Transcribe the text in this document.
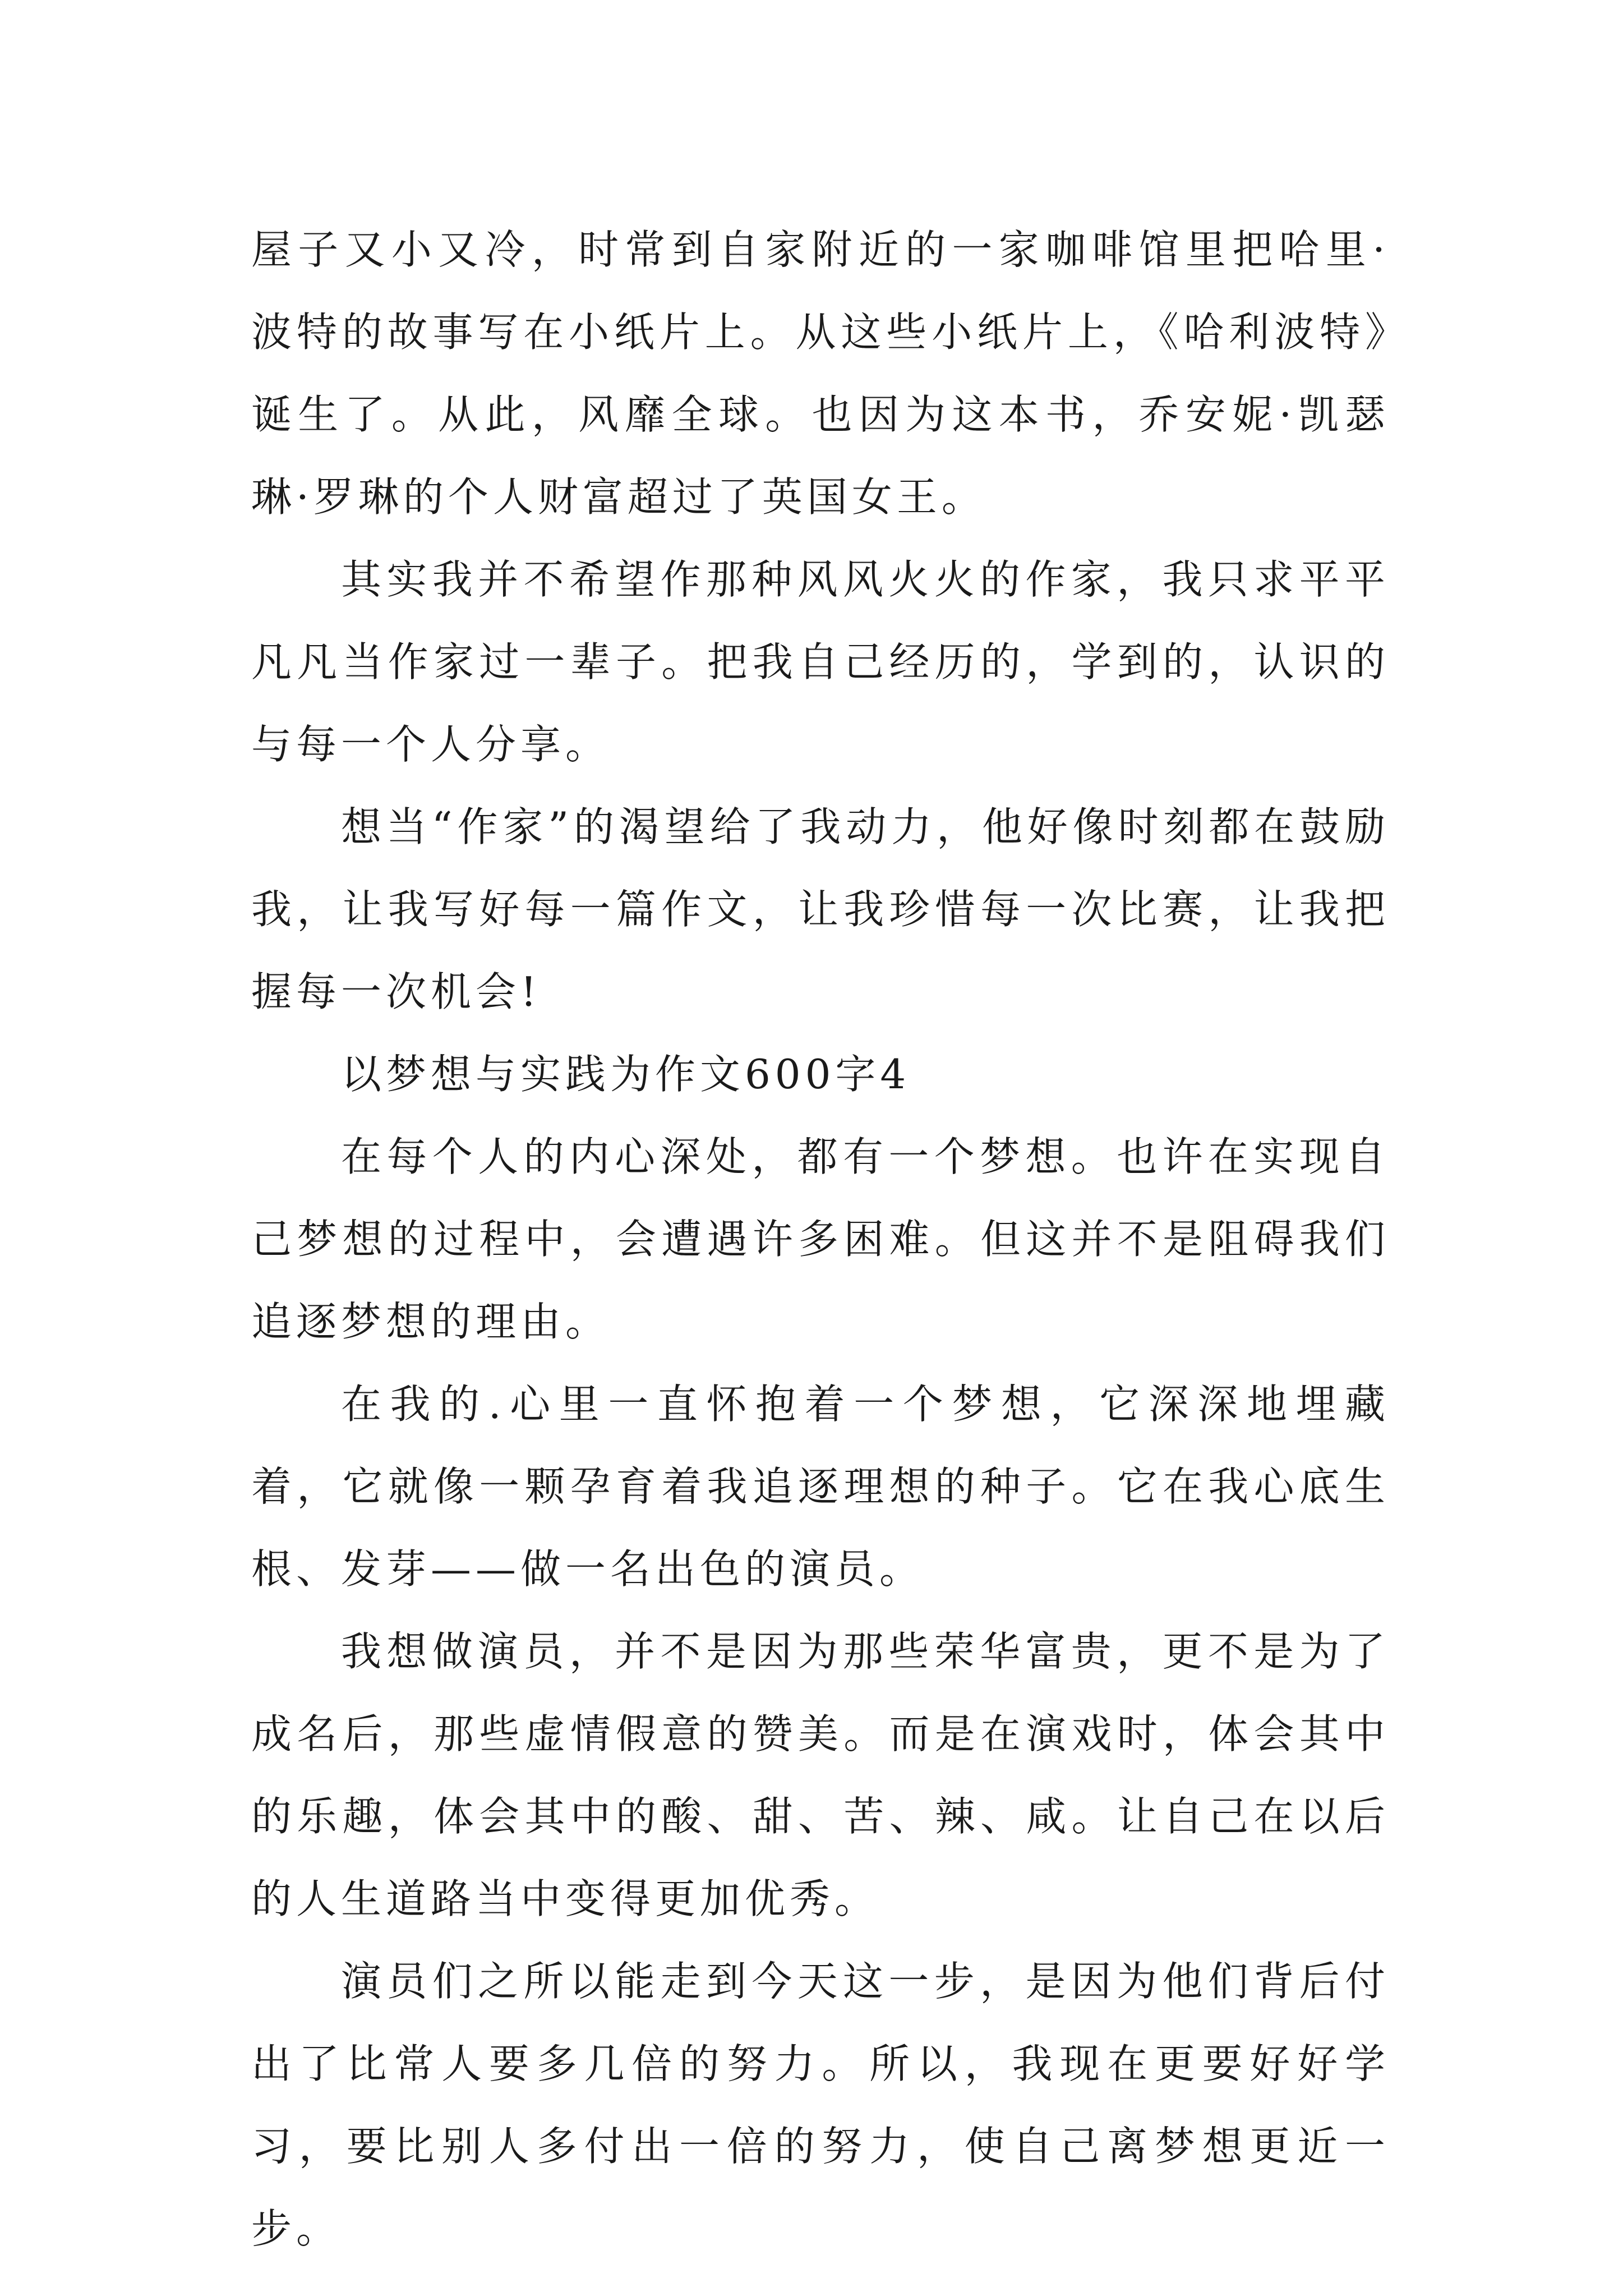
屋子又小又冷，时常到自家附近的一家咖啡馆里把哈里·波特的故事写在小纸片上。从这些小纸片上，《哈利波特》诞生了。从此，风靡全球。也因为这本书，乔安妮·凯瑟琳·罗琳的个人财富超过了英国女王。

其实我并不希望作那种风风火火的作家，我只求平平凡凡当作家过一辈子。把我自己经历的，学到的，认识的与每一个人分享。

想当“作家”的渴望给了我动力，他好像时刻都在鼓励我，让我写好每一篇作文，让我珍惜每一次比赛，让我把握每一次机会!

以梦想与实践为作文600字4

在每个人的内心深处，都有一个梦想。也许在实现自己梦想的过程中，会遭遇许多困难。但这并不是阻碍我们追逐梦想的理由。

在我的.心里一直怀抱着一个梦想，它深深地埋藏着，它就像一颗孕育着我追逐理想的种子。它在我心底生根、发芽——做一名出色的演员。

我想做演员，并不是因为那些荣华富贵，更不是为了成名后，那些虚情假意的赞美。而是在演戏时，体会其中的乐趣，体会其中的酸、甜、苦、辣、咸。让自己在以后的人生道路当中变得更加优秀。

演员们之所以能走到今天这一步，是因为他们背后付出了比常人要多几倍的努力。所以，我现在更要好好学习，要比别人多付出一倍的努力，使自己离梦想更近一步。
